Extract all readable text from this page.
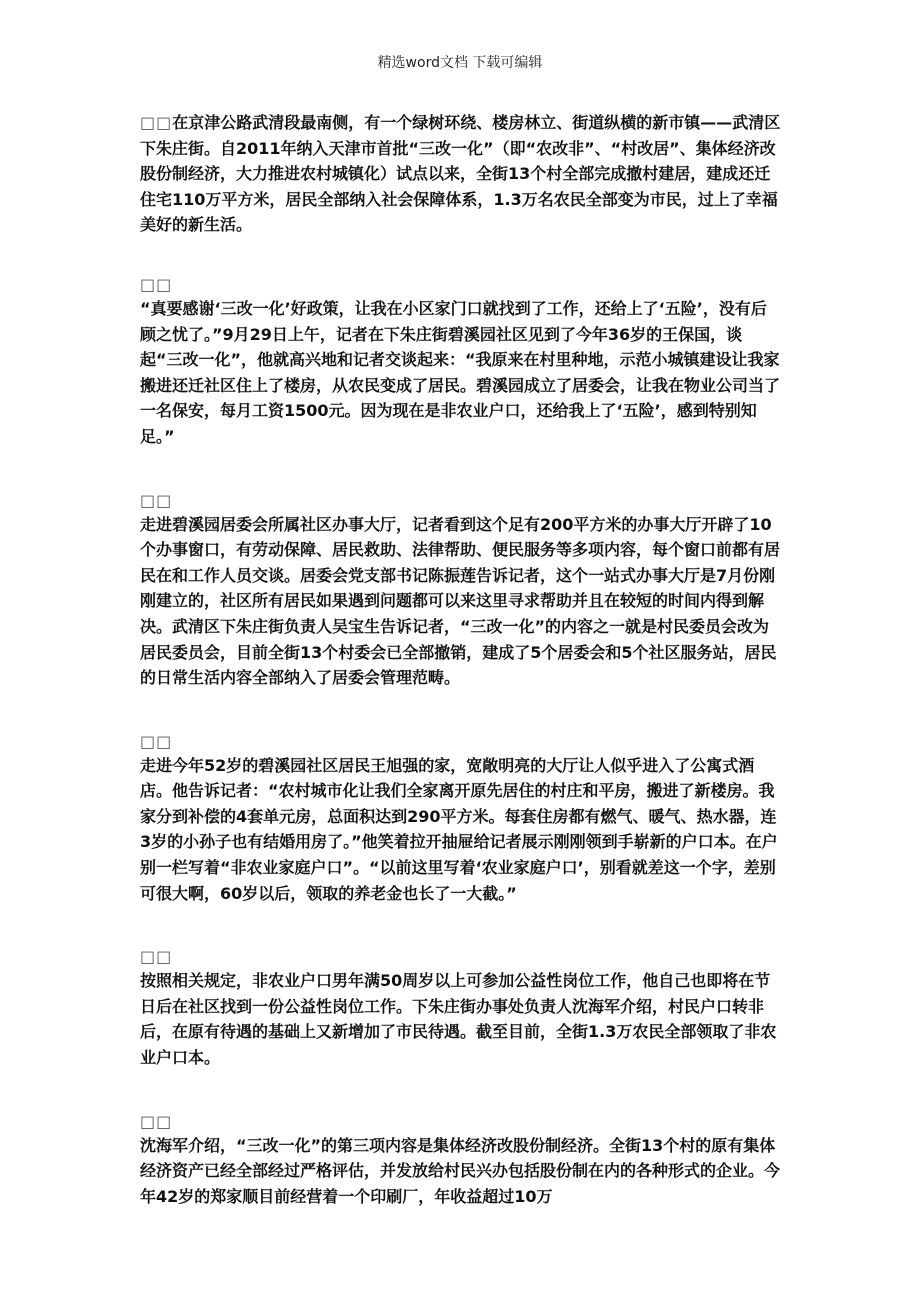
精选word文档 下载可编辑

□□在京津公路武清段最南侧，有一个绿树环绕、楼房林立、街道纵横的新市镇——武清区下朱庄街。自2011年纳入天津市首批“三改一化”（即“农改非”、“村改居”、集体经济改股份制经济，大力推进农村城镇化）试点以来，全街13个村全部完成撤村建居，建成还迁住宅110万平方米，居民全部纳入社会保障体系，1.3万名农民全部变为市民，过上了幸福美好的新生活。

□□
“真要感谢‘三改一化’好政策，让我在小区家门口就找到了工作，还给上了‘五险’，没有后顾之忧了。”9月29日上午，记者在下朱庄街碧溪园社区见到了今年36岁的王保国，谈起“三改一化”，他就高兴地和记者交谈起来：“我原来在村里种地，示范小城镇建设让我家搬进还迁社区住上了楼房，从农民变成了居民。碧溪园成立了居委会，让我在物业公司当了一名保安，每月工资1500元。因为现在是非农业户口，还给我上了‘五险’，感到特别知足。”

□□
走进碧溪园居委会所属社区办事大厅，记者看到这个足有200平方米的办事大厅开辟了10个办事窗口，有劳动保障、居民救助、法律帮助、便民服务等多项内容，每个窗口前都有居民在和工作人员交谈。居委会党支部书记陈振莲告诉记者，这个一站式办事大厅是7月份刚刚建立的，社区所有居民如果遇到问题都可以来这里寻求帮助并且在较短的时间内得到解决。武清区下朱庄街负责人吴宝生告诉记者，“三改一化”的内容之一就是村民委员会改为居民委员会，目前全街13个村委会已全部撤销，建成了5个居委会和5个社区服务站，居民的日常生活内容全部纳入了居委会管理范畴。

□□
走进今年52岁的碧溪园社区居民王旭强的家，宽敞明亮的大厅让人似乎进入了公寓式酒店。他告诉记者：“农村城市化让我们全家离开原先居住的村庄和平房，搬进了新楼房。我家分到补偿的4套单元房，总面积达到290平方米。每套住房都有燃气、暖气、热水器，连3岁的小孙子也有结婚用房了。”他笑着拉开抽屉给记者展示刚刚领到手崭新的户口本。在户别一栏写着“非农业家庭户口”。“以前这里写着‘农业家庭户口’，别看就差这一个字，差别可很大啊，60岁以后，领取的养老金也长了一大截。”

□□
按照相关规定，非农业户口男年满50周岁以上可参加公益性岗位工作，他自己也即将在节日后在社区找到一份公益性岗位工作。下朱庄街办事处负责人沈海军介绍，村民户口转非后，在原有待遇的基础上又新增加了市民待遇。截至目前，全街1.3万农民全部领取了非农业户口本。

□□
沈海军介绍，“三改一化”的第三项内容是集体经济改股份制经济。全街13个村的原有集体经济资产已经全部经过严格评估，并发放给村民兴办包括股份制在内的各种形式的企业。今年42岁的郑家顺目前经营着一个印刷厂，年收益超过10万
